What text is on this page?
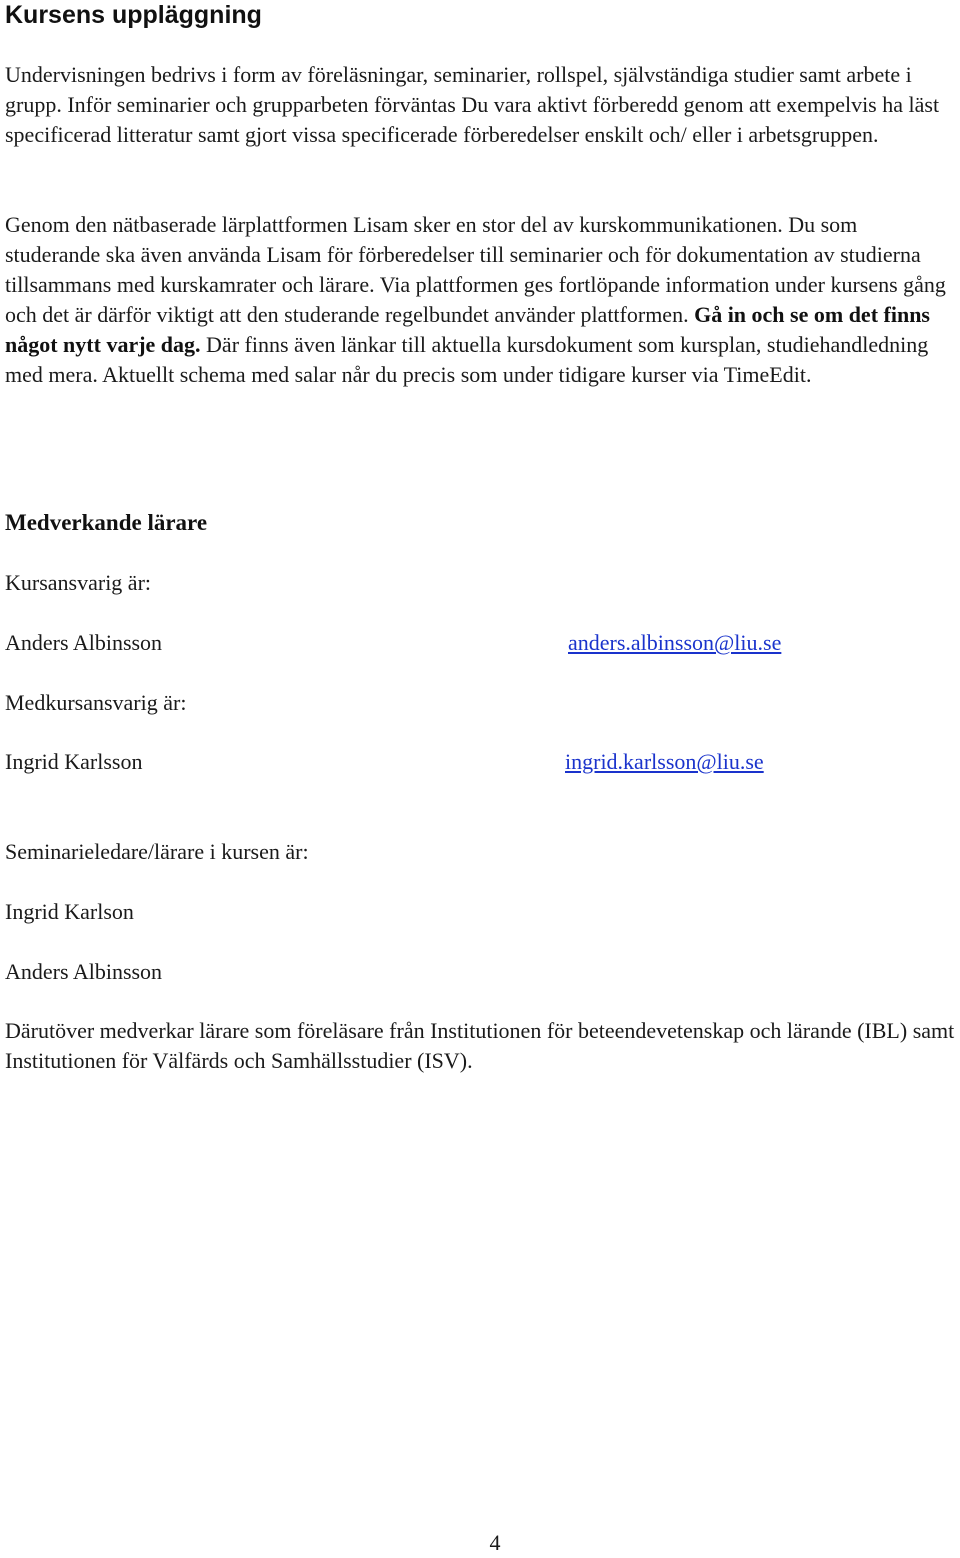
Kursens uppläggning

Undervisningen bedrivs i form av föreläsningar, seminarier, rollspel, självständiga studier samt arbete i grupp. Inför seminarier och grupparbeten förväntas Du vara aktivt förberedd genom att exempelvis ha läst specificerad litteratur samt gjort vissa specificerade förberedelser enskilt och/ eller i arbetsgruppen.

Genom den nätbaserade lärplattformen Lisam sker en stor del av kurskommunikationen. Du som studerande ska även använda Lisam för förberedelser till seminarier och för dokumentation av studierna tillsammans med kurskamrater och lärare. Via plattformen ges fortlöpande information under kursens gång och det är därför viktigt att den studerande regelbundet använder plattformen. Gå in och se om det finns något nytt varje dag. Där finns även länkar till aktuella kursdokument som kursplan, studiehandledning med mera. Aktuellt schema med salar når du precis som under tidigare kurser via TimeEdit.

Medverkande lärare

Kursansvarig är:

Anders Albinsson	anders.albinsson@liu.se

Medkursansvarig är:

Ingrid Karlsson	ingrid.karlsson@liu.se

Seminarieledare/lärare i kursen är:

Ingrid Karlson

Anders Albinsson

Därutöver medverkar lärare som föreläsare från Institutionen för beteendevetenskap och lärande (IBL) samt Institutionen för Välfärds och Samhällsstudier (ISV).

4
